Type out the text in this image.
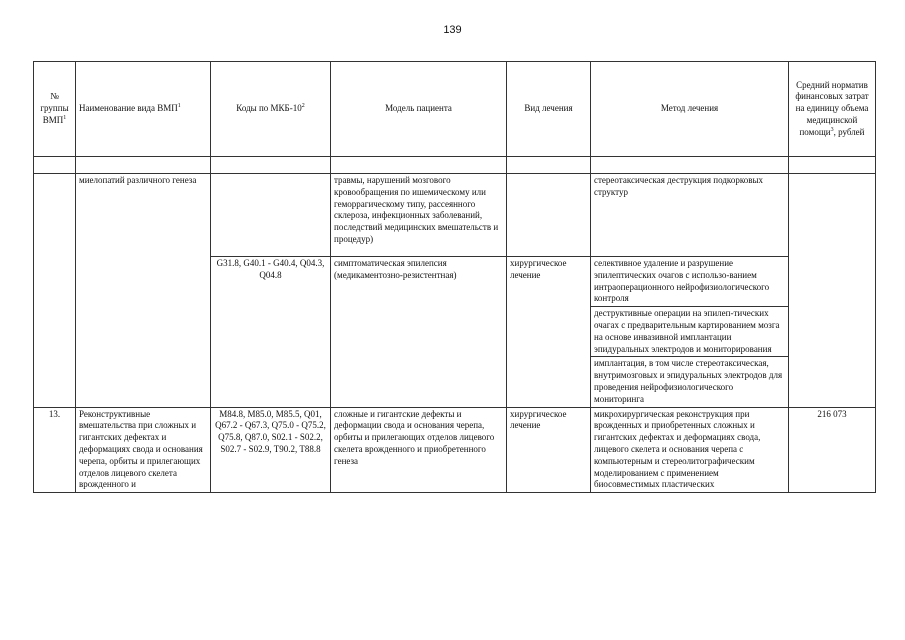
139
№ группы ВМП$^1$	Наименование вида ВМП$^1$	Коды по МКБ-$10^2$	Модель пациента	Вид лечения	Метод лечения	Средний норматив финансовых затрат на единицу объема медицинской помощи$^3$, рублей

	миелопатий различного генеза		травмы, нарушений мозгового кровообращения по ишемическому или геморрагическому типу, рассеянного склероза, инфекционных заболеваний, последствий медицинских вмешательств и процедур)		стереотаксическая деструкция подкорковых структур	
		G31.8, G40.1 - G40.4, Q04.3, Q04.8	симптоматическая эпилепсия (медикаментозно-резистентная)	хирургическое лечение	селективное удаление и разрушение эпилептических очагов с использо-ванием интраоперационного нейрофизиологического контроля	
					деструктивные операции на эпилеп-тических очагах с предварительным картированием мозга на основе инвазивной имплантации эпидуральных электродов и мониторирования	
					имплантация, в том числе стереотаксическая, внутримозговых и эпидуральных электродов для проведения нейрофизиологического мониторинга	
13.	Реконструктивные вмешательства при сложных и гигантских дефектах и деформациях свода и основания черепа, орбиты и прилегающих отделов лицевого скелета врожденного и	M84.8, M85.0, M85.5, Q01, Q67.2 - Q67.3, Q75.0 - Q75.2, Q75.8, Q87.0, S02.1 - S02.2, S02.7 - S02.9, T90.2, T88.8	сложные и гигантские дефекты и деформации свода и основания черепа, орбиты и прилегающих отделов лицевого скелета врожденного и приобретенного генеза	хирургическое лечение	микрохирургическая реконструкция при врожденных и приобретенных сложных и гигантских дефектах и деформациях свода, лицевого скелета и основания черепа с компьютерным и стереолитографическим моделированием с применением биосовместимых пластических	216 073
